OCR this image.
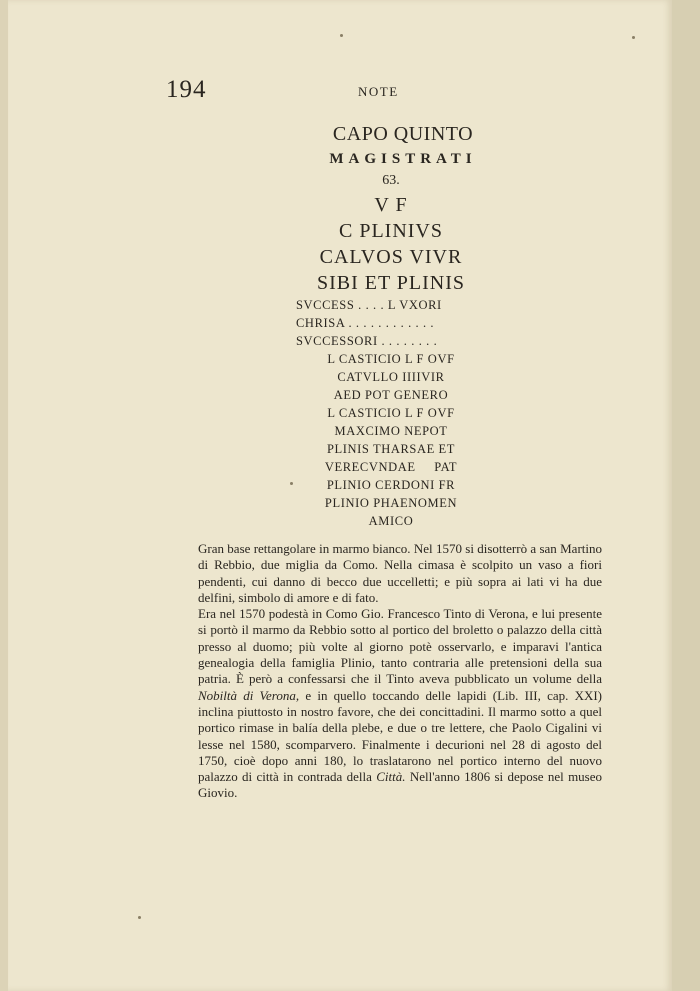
194	NOTE
CAPO QUINTO
MAGISTRATI
63.
V F
C PLINIVS
CALVOS VIVR
SIBI ET PLINIS
SVCCESS . . . . L VXORI
CHRISA . . . . . . . . . . . .
SVCCESSORI . . . . . . . .
L CASTICIO L F OVF
CATVLLO IIIIVIR
AED POT GENERO
L CASTICIO L F OVF
MAXCIMO NEPOT
PLINIS THARSAE ET
VERECVNDAE     PAT
PLINIO CERDONI FR
PLINIO PHAENOMEN
AMICO

Gran base rettangolare in marmo bianco. Nel 1570 si disotterrò a san Martino di Rebbio, due miglia da Como. Nella cimasa è scolpito un vaso a fiori pendenti, cui danno di becco due uccelletti; e più sopra ai lati vi ha due delfini, simbolo di amore e di fato.

Era nel 1570 podestà in Como Gio. Francesco Tinto di Verona, e lui presente si portò il marmo da Rebbio sotto al portico del broletto o palazzo della città presso al duomo; più volte al giorno potè osservarlo, e imparavi l'antica genealogia della famiglia Plinio, tanto contraria alle pretensioni della sua patria. È però a confessarsi che il Tinto aveva pubblicato un volume della Nobiltà di Verona, e in quello toccando delle lapidi (Lib. III, cap. XXI) inclina piuttosto in nostro favore, che dei concittadini. Il marmo sotto a quel portico rimase in balía della plebe, e due o tre lettere, che Paolo Cigalini vi lesse nel 1580, scomparvero. Finalmente i decurioni nel 28 di agosto del 1750, cioè dopo anni 180, lo traslatarono nel portico interno del nuovo palazzo di città in contrada della Città. Nell'anno 1806 si depose nel museo Giovio.
